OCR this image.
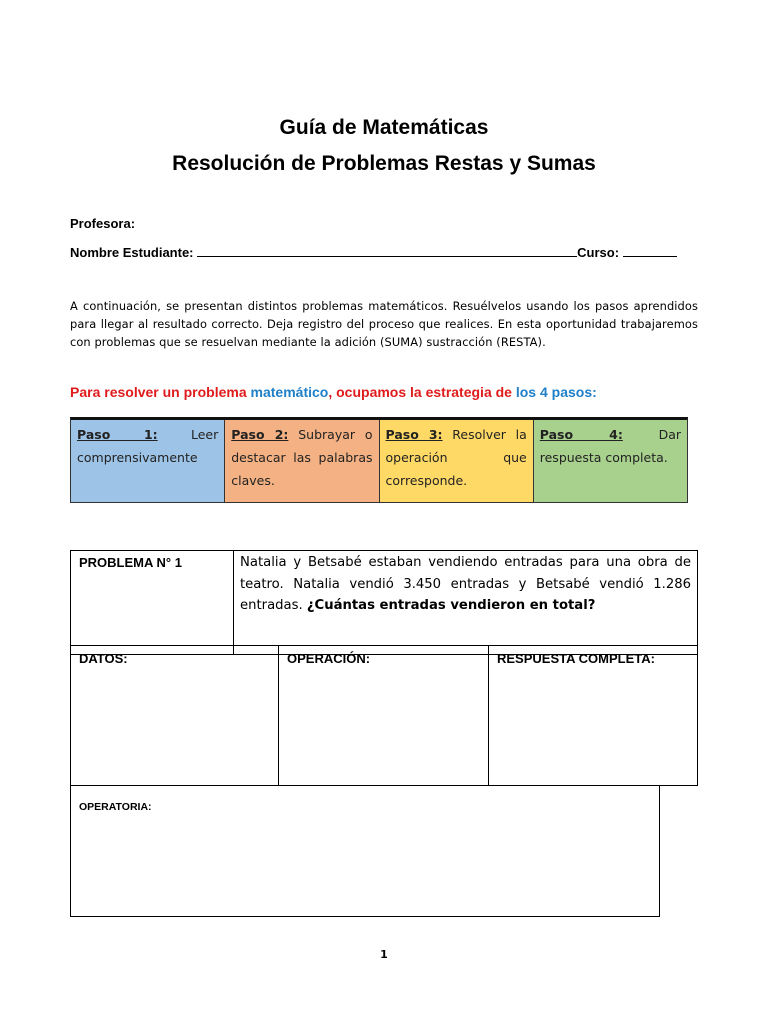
Guía de Matemáticas
Resolución de Problemas Restas y Sumas
Profesora:
Nombre Estudiante:	Curso:
A continuación, se presentan distintos problemas matemáticos. Resuélvelos usando los pasos aprendidos para llegar al resultado correcto. Deja registro del proceso que realices. En esta oportunidad trabajaremos con problemas que se resuelvan mediante la adición (SUMA) sustracción (RESTA).
Para resolver un problema matemático, ocupamos la estrategia de los 4 pasos:
Paso 1:	Leer comprensivamente
Paso 2: Subrayar o destacar las palabras claves.
Paso 3: Resolver la operación que corresponde.
Paso 4:	Dar respuesta completa.
PROBLEMA N° 1	Natalia y Betsabé estaban vendiendo entradas para una obra de teatro. Natalia vendió 3.450 entradas y Betsabé vendió 1.286 entradas. ¿Cuántas entradas vendieron en total?
DATOS:	OPERACIÓN:	RESPUESTA COMPLETA:
OPERATORIA:
1
